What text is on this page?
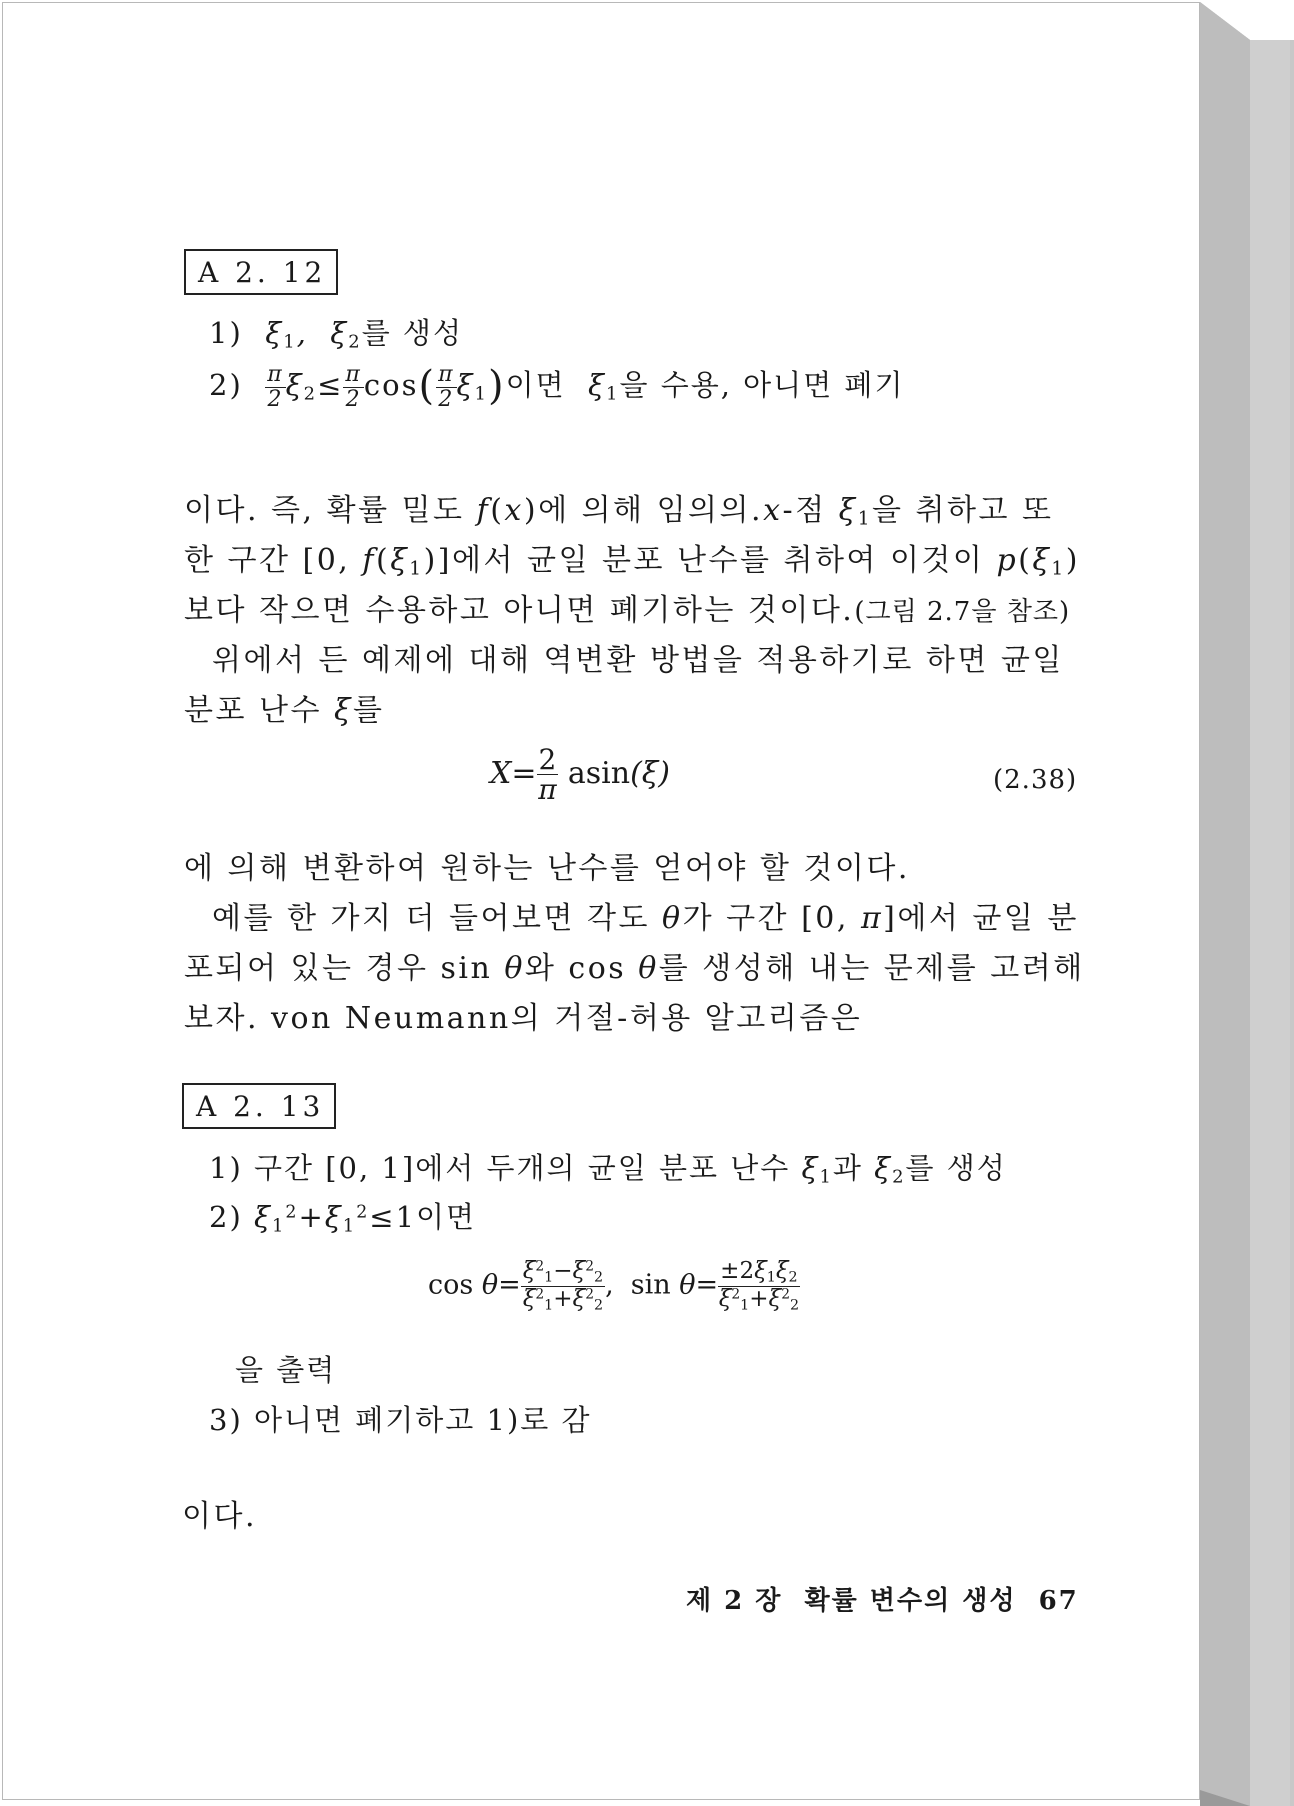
A 2. 12
1)  $\xi_1$,  $\xi_2$를 생성
$2) \frac{\pi}{2} \xi_2\le \frac{\pi}{2} \cos( \frac{\pi}{2} \xi_1)$이면  $\xi_1$을 수용, 아니면 폐기
이다. 즉, 확률 밀도 f(x)에 의해 임의의.x-점 $\xi_1$을 취하고 또
한 구간 [0, $f(\xi_1)$]에서 균일 분포 난수를 취하여 이것이 $p(\xi_1)$
보다 작으면 수용하고 아니면 폐기하는 것이다.(그림 2.7을 참조)
위에서 든 예제에 대해 역변환 방법을 적용하기로 하면 균일
분포 난수 ξ를
$X= \frac{2}{\pi} asin(\xi)$	(2.38)
에 의해 변환하여 원하는 난수를 얻어야 할 것이다.
예를 한 가지 더 들어보면 각도 θ가 구간 [0, π]에서 균일 분
포되어 있는 경우 sin θ와 cos θ를 생성해 내는 문제를 고려해
보자. von Neumann의 거절-허용 알고리즘은
A 2. 13
1) 구간 [0, 1]에서 두개의 균일 분포 난수 $\xi_1$과 $\xi_2$를 생성
2) $\xi_1^2+\xi_1^2\le 1$이면
$\cos \theta= \frac{\xi^2_1-\xi^2_2}{\xi^2_1+\xi^2_2}$ ,  $\sin \theta= \frac{\pm 2\xi_1\xi_2}{\xi^2_1+\xi^2_2}$
을 출력
3) 아니면 폐기하고 1)로 감
이다.
제 2 장 확률 변수의 생성 67
